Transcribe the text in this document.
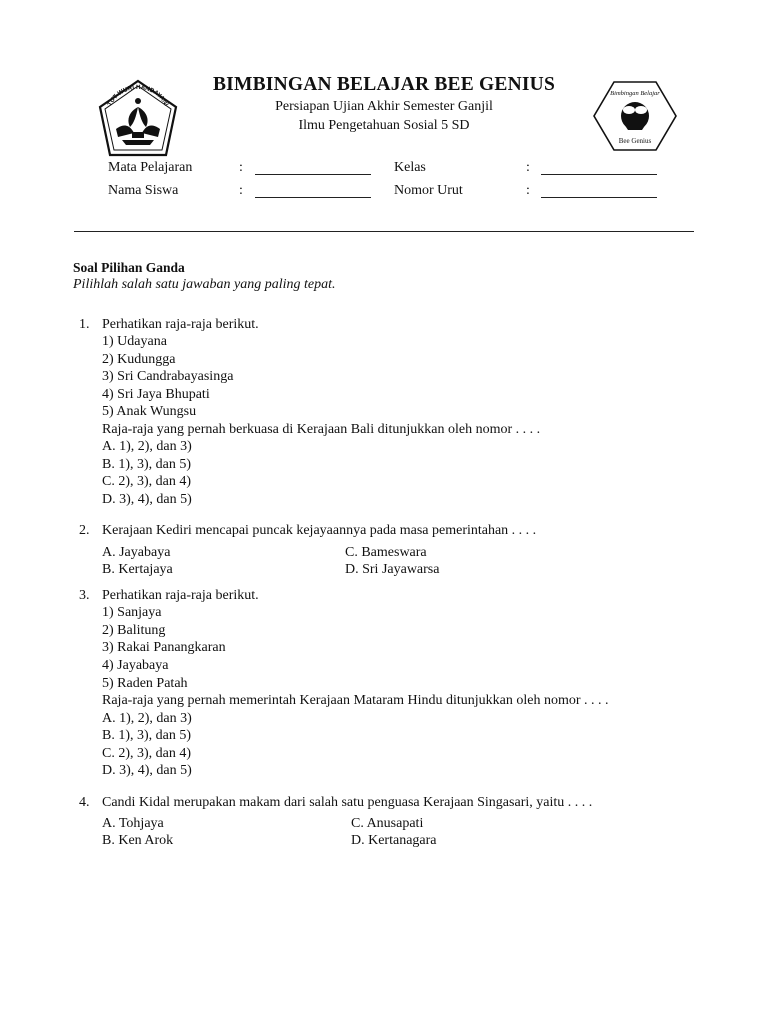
TUT WURI HANDAYANI
BIMBINGAN BELAJAR BEE GENIUS
Persiapan Ujian Akhir Semester Ganjil
Ilmu Pengetahuan Sosial 5 SD
Bimbingan Belajar
Bee Genius
Mata Pelajaran	:	Kelas	:
Nama Siswa	:	Nomor Urut	:
Soal Pilihan Ganda
Pilihlah salah satu jawaban yang paling tepat.
1. Perhatikan raja-raja berikut.
1) Udayana
2) Kudungga
3) Sri Candrabayasinga
4) Sri Jaya Bhupati
5) Anak Wungsu
Raja-raja yang pernah berkuasa di Kerajaan Bali ditunjukkan oleh nomor . . . .
A. 1), 2), dan 3)
B. 1), 3), dan 5)
C. 2), 3), dan 4)
D. 3), 4), dan 5)
2. Kerajaan Kediri mencapai puncak kejayaannya pada masa pemerintahan . . . .
A. Jayabaya
B. Kertajaya
C. Bameswara
D. Sri Jayawarsa
3. Perhatikan raja-raja berikut.
1) Sanjaya
2) Balitung
3) Rakai Panangkaran
4) Jayabaya
5) Raden Patah
Raja-raja yang pernah memerintah Kerajaan Mataram Hindu ditunjukkan oleh nomor . . . .
A. 1), 2), dan 3)
B. 1), 3), dan 5)
C. 2), 3), dan 4)
D. 3), 4), dan 5)
4. Candi Kidal merupakan makam dari salah satu penguasa Kerajaan Singasari, yaitu . . . .
A. Tohjaya
B. Ken Arok
C. Anusapati
D. Kertanagara
